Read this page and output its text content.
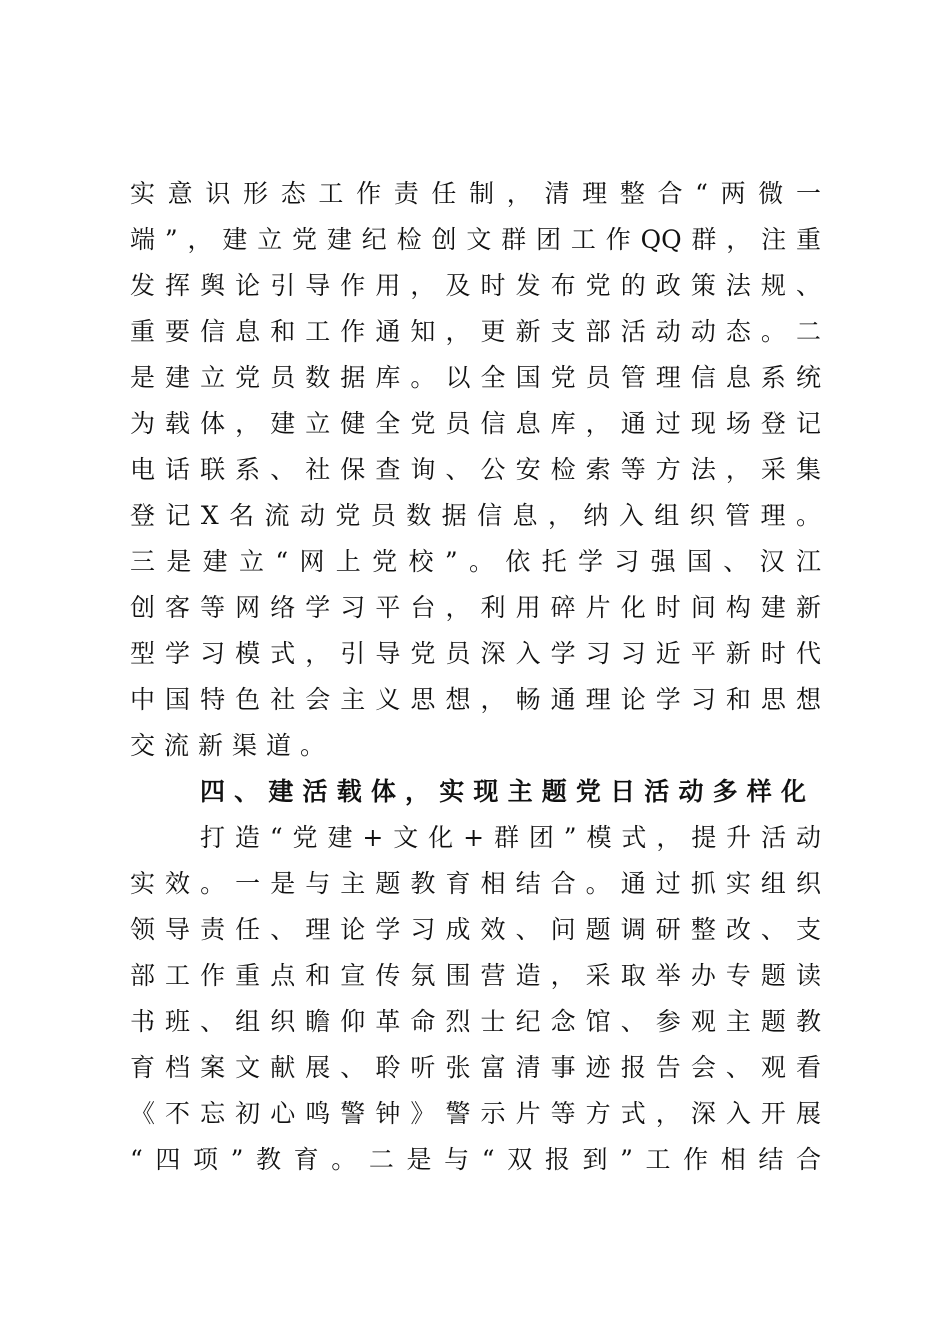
实意识形态工作责任制，清理整合“两微一
端”，建立党建纪检创文群团工作QQ群，注重
发挥舆论引导作用，及时发布党的政策法规、
重要信息和工作通知，更新支部活动动态。二
是建立党员数据库。以全国党员管理信息系统
为载体，建立健全党员信息库，通过现场登记
电话联系、社保查询、公安检索等方法，采集
登记X名流动党员数据信息，纳入组织管理。
三是建立“网上党校”。依托学习强国、汉江
创客等网络学习平台，利用碎片化时间构建新
型学习模式，引导党员深入学习习近平新时代
中国特色社会主义思想，畅通理论学习和思想
交流新渠道。
四、建活载体，实现主题党日活动多样化
打造“党建+文化+群团”模式，提升活动
实效。一是与主题教育相结合。通过抓实组织
领导责任、理论学习成效、问题调研整改、支
部工作重点和宣传氛围营造，采取举办专题读
书班、组织瞻仰革命烈士纪念馆、参观主题教
育档案文献展、聆听张富清事迹报告会、观看
《不忘初心鸣警钟》警示片等方式，深入开展
“四项”教育。二是与“双报到”工作相结合
